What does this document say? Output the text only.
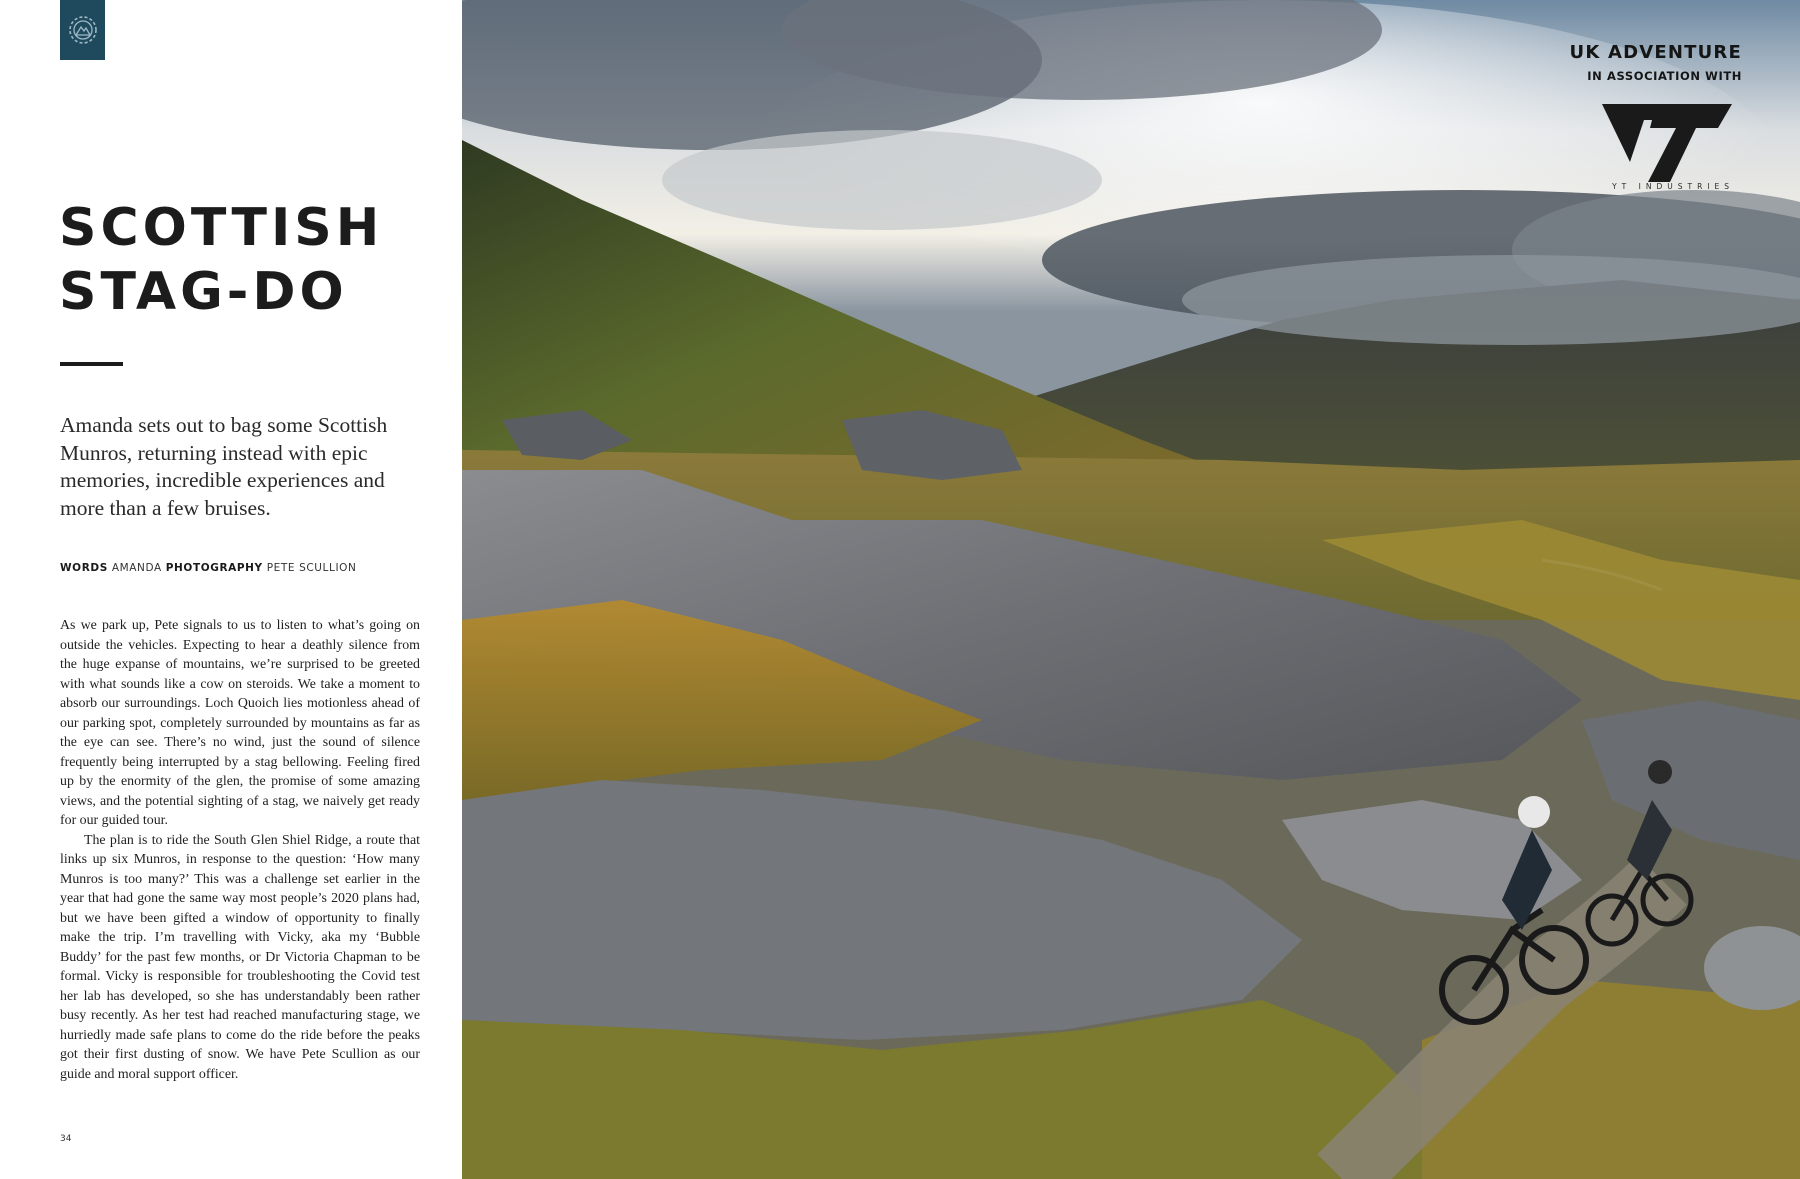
SCOTTISH
STAG-DO

Amanda sets out to bag some Scottish Munros, returning instead with epic memories, incredible experiences and more than a few bruises.

WORDS AMANDA PHOTOGRAPHY PETE SCULLION

As we park up, Pete signals to us to listen to what’s going on outside the vehicles. Expecting to hear a deathly silence from the huge expanse of mountains, we’re surprised to be greeted with what sounds like a cow on steroids. We take a moment to absorb our surroundings. Loch Quoich lies motionless ahead of our parking spot, completely surrounded by mountains as far as the eye can see. There’s no wind, just the sound of silence frequently being interrupted by a stag bellowing. Feeling fired up by the enormity of the glen, the promise of some amazing views, and the potential sighting of a stag, we naively get ready for our guided tour.

The plan is to ride the South Glen Shiel Ridge, a route that links up six Munros, in response to the question: ‘How many Munros is too many?’ This was a challenge set earlier in the year that had gone the same way most people’s 2020 plans had, but we have been gifted a window of opportunity to finally make the trip. I’m travelling with Vicky, aka my ‘Bubble Buddy’ for the past few months, or Dr Victoria Chapman to be formal. Vicky is responsible for troubleshooting the Covid test her lab has developed, so she has understandably been rather busy recently. As her test had reached manufacturing stage, we hurriedly made safe plans to come do the ride before the peaks got their first dusting of snow. We have Pete Scullion as our guide and moral support officer.

34
UK ADVENTURE
IN ASSOCIATION WITH
YT INDUSTRIES
